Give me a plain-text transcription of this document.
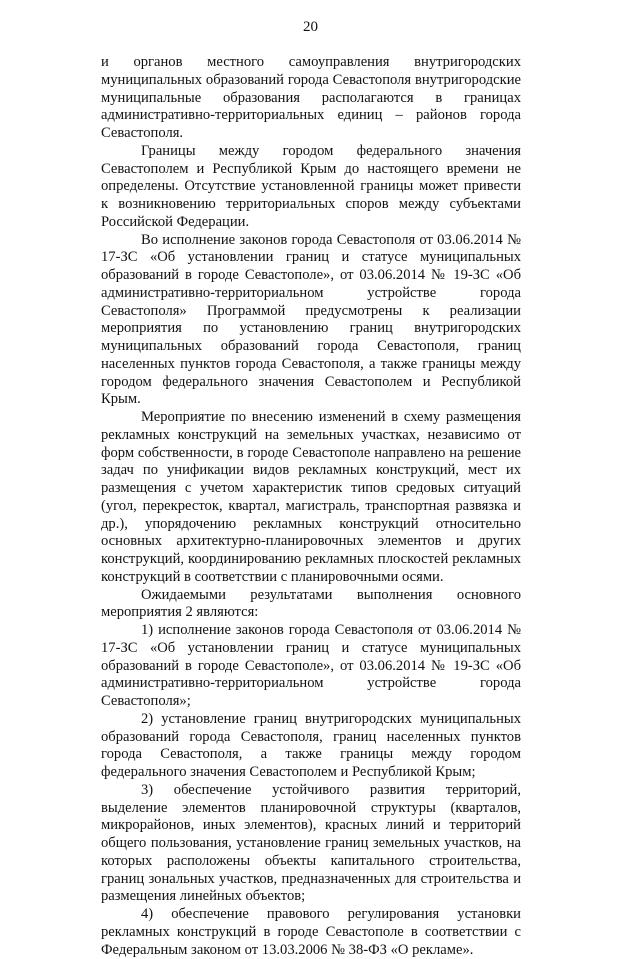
20

и органов местного самоуправления внутригородских муниципальных образований города Севастополя внутригородские муниципальные образования располагаются в границах административно-территориальных единиц – районов города Севастополя.

Границы между городом федерального значения Севастополем и Республикой Крым до настоящего времени не определены. Отсутствие установленной границы может привести к возникновению территориальных споров между субъектами Российской Федерации.

Во исполнение законов города Севастополя от 03.06.2014 № 17-ЗС «Об установлении границ и статусе муниципальных образований в городе Севастополе», от 03.06.2014 № 19-ЗС «Об административно-территориальном устройстве города Севастополя» Программой предусмотрены к реализации мероприятия по установлению границ внутригородских муниципальных образований города Севастополя, границ населенных пунктов города Севастополя, а также границы между городом федерального значения Севастополем и Республикой Крым.

Мероприятие по внесению изменений в схему размещения рекламных конструкций на земельных участках, независимо от форм собственности, в городе Севастополе направлено на решение задач по унификации видов рекламных конструкций, мест их размещения с учетом характеристик типов средовых ситуаций (угол, перекресток, квартал, магистраль, транспортная развязка и др.), упорядочению рекламных конструкций относительно основных архитектурно-планировочных элементов и других конструкций, координированию рекламных плоскостей рекламных конструкций в соответствии с планировочными осями.

Ожидаемыми результатами выполнения основного мероприятия 2 являются:

1) исполнение законов города Севастополя от 03.06.2014 № 17-ЗС «Об установлении границ и статусе муниципальных образований в городе Севастополе», от 03.06.2014 № 19-ЗС «Об административно-территориальном устройстве города Севастополя»;

2) установление границ внутригородских муниципальных образований города Севастополя, границ населенных пунктов города Севастополя, а также границы между городом федерального значения Севастополем и Республикой Крым;

3) обеспечение устойчивого развития территорий, выделение элементов планировочной структуры (кварталов, микрорайонов, иных элементов), красных линий и территорий общего пользования, установление границ земельных участков, на которых расположены объекты капитального строительства, границ зональных участков, предназначенных для строительства и размещения линейных объектов;

4) обеспечение правового регулирования установки рекламных конструкций в городе Севастополе в соответствии с Федеральным законом от 13.03.2006 № 38-ФЗ «О рекламе».
